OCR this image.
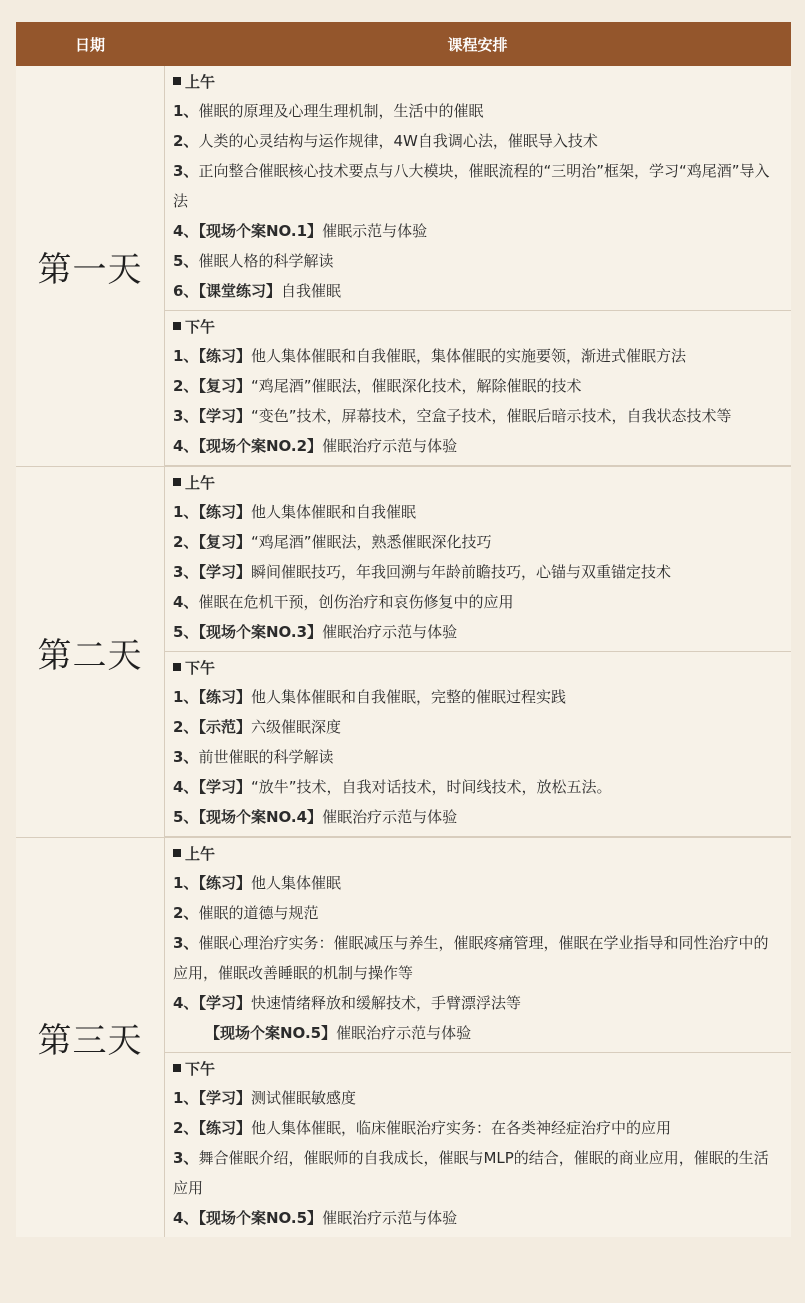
日期	课程安排
第一天
上午
1、催眠的原理及心理生理机制，生活中的催眠
2、人类的心灵结构与运作规律，4W自我调心法，催眠导入技术
3、正向整合催眠核心技术要点与八大模块，催眠流程的“三明治”框架，学习“鸡尾酒”导入法
4、【现场个案NO.1】催眠示范与体验
5、催眠人格的科学解读
6、【课堂练习】自我催眠
下午
1、【练习】他人集体催眠和自我催眠，集体催眠的实施要领，渐进式催眠方法
2、【复习】“鸡尾酒”催眠法，催眠深化技术，解除催眠的技术
3、【学习】“变色”技术，屏幕技术，空盒子技术，催眠后暗示技术，自我状态技术等
4、【现场个案NO.2】催眠治疗示范与体验
第二天
上午
1、【练习】他人集体催眠和自我催眠
2、【复习】“鸡尾酒”催眠法，熟悉催眠深化技巧
3、【学习】瞬间催眠技巧，年我回溯与年龄前瞻技巧，心锚与双重锚定技术
4、催眠在危机干预，创伤治疗和哀伤修复中的应用
5、【现场个案NO.3】催眠治疗示范与体验
下午
1、【练习】他人集体催眠和自我催眠，完整的催眠过程实践
2、【示范】六级催眠深度
3、前世催眠的科学解读
4、【学习】“放牛”技术，自我对话技术，时间线技术，放松五法。
5、【现场个案NO.4】催眠治疗示范与体验
第三天
上午
1、【练习】他人集体催眠
2、催眠的道德与规范
3、催眠心理治疗实务：催眠减压与养生，催眠疼痛管理，催眠在学业指导和同性治疗中的应用，催眠改善睡眠的机制与操作等
4、【学习】快速情绪释放和缓解技术，手臂漂浮法等
【现场个案NO.5】催眠治疗示范与体验
下午
1、【学习】测试催眠敏感度
2、【练习】他人集体催眠，临床催眠治疗实务：在各类神经症治疗中的应用
3、舞合催眠介绍，催眠师的自我成长，催眠与MLP的结合，催眠的商业应用，催眠的生活应用
4、【现场个案NO.5】催眠治疗示范与体验
